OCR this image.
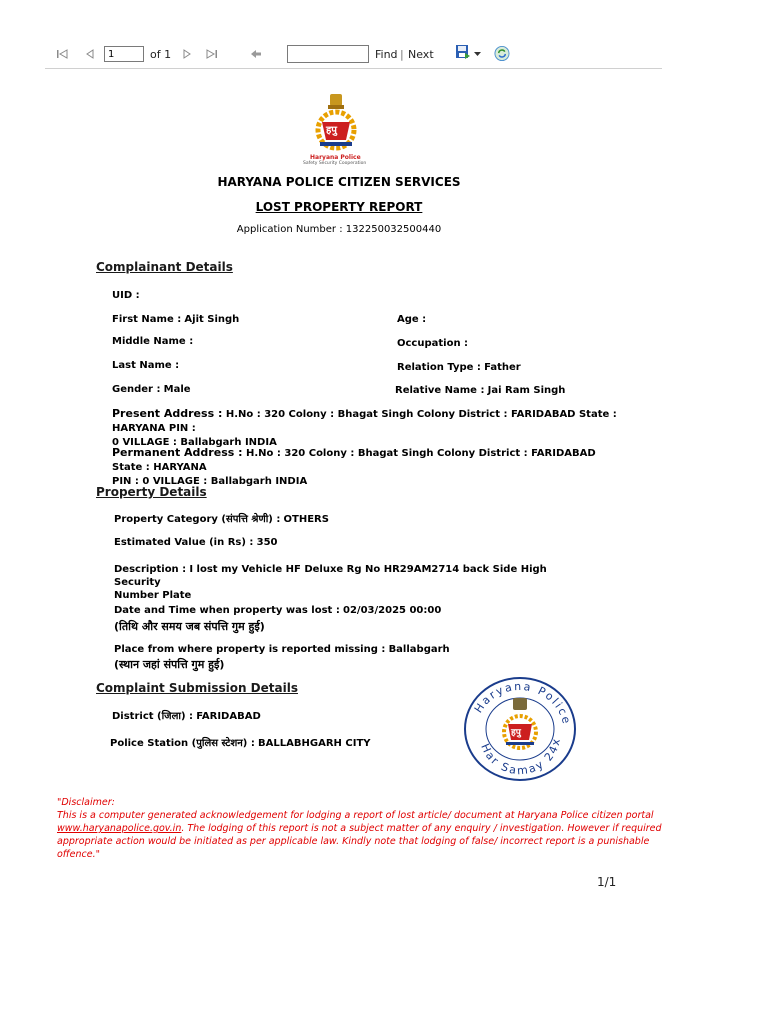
1
of 1	Find | Next
हपु
Haryana Police
Safety Security Cooperation
HARYANA POLICE CITIZEN SERVICES
LOST PROPERTY REPORT
Application Number : 132250032500440
Complainant Details
UID :
First Name : Ajit Singh
Middle Name :
Last Name :
Gender : Male
Age :
Occupation :
Relation Type : Father
Relative Name : Jai Ram Singh
Present Address : H.No : 320 Colony : Bhagat Singh Colony District : FARIDABAD State : HARYANA PIN :
0 VILLAGE : Ballabgarh INDIA
Permanent Address : H.No : 320 Colony : Bhagat Singh Colony District : FARIDABAD State : HARYANA
PIN : 0 VILLAGE : Ballabgarh INDIA
Property Details
Property Category (संपत्ति श्रेणी) : OTHERS
Estimated Value (in Rs) : 350
Description : I lost my Vehicle HF Deluxe Rg No HR29AM2714 back Side High Security
Number Plate
Date and Time when property was lost : 02/03/2025 00:00
(तिथि और समय जब संपत्ति गुम हुई)
Place from where property is reported missing : Ballabgarh
(स्थान जहां संपत्ति गुम हुई)
Complaint Submission Details
District (जिला) : FARIDABAD
Police Station (पुलिस स्टेशन) : BALLABHGARH CITY
Haryana Police
Har Samay 24x
हपु
"Disclaimer:
This is a computer generated acknowledgement for lodging a report of lost article/ document at Haryana Police citizen portal
www.haryanapolice.gov.in. The lodging of this report is not a subject matter of any enquiry / investigation. However if required
appropriate action would be initiated as per applicable law. Kindly note that lodging of false/ incorrect report is a punishable
offence."
1/1
